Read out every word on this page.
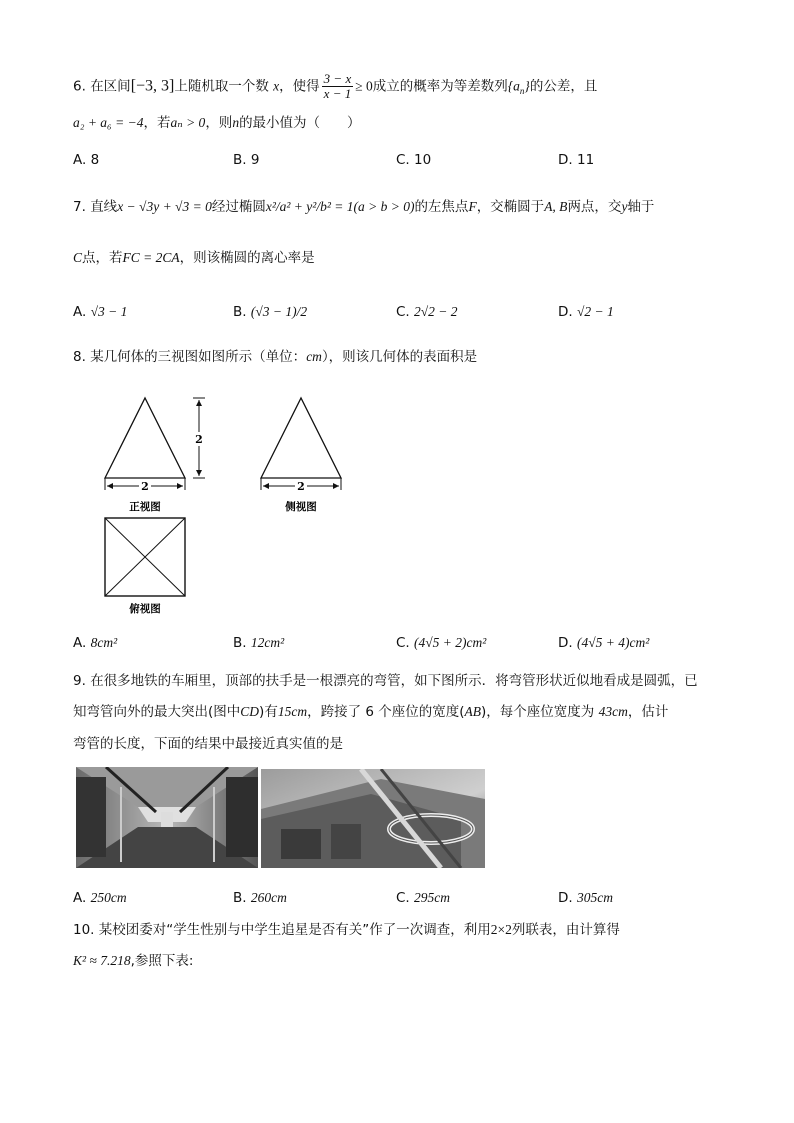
6. 在区间[−3, 3]上随机取一个数 x，使得 $\frac{3 - x}{x - 1} \ge 0$成立的概率为等差数列$\{a_n\}$的公差，且
a₂ + a₆ = −4，若aₙ > 0，则n的最小值为（　　）
A. 8	B. 9	C. 10	D. 11
7. 直线x − √3y + √3 = 0经过椭圆x²/a² + y²/b² = 1(a > b > 0)的左焦点F，交椭圆于A, B两点，交y轴于
C点，若FC = 2CA，则该椭圆的离心率是
A. √3 − 1	B. (√3 − 1)/2	C. 2√2 − 2	D. √2 − 1
8. 某几何体的三视图如图所示（单位：cm），则该几何体的表面积是
2
2
正视图
2
侧视图
俯视图
A. 8cm²	B. 12cm²	C. (4√5 + 2)cm²	D. (4√5 + 4)cm²
9. 在很多地铁的车厢里，顶部的扶手是一根漂亮的弯管，如下图所示．将弯管形状近似地看成是圆弧，已
知弯管向外的最大突出(图中CD)有15cm，跨接了 6 个座位的宽度(AB)，每个座位宽度为 43cm，估计
弯管的长度，下面的结果中最接近真实值的是
A. 250cm	B. 260cm	C. 295cm	D. 305cm
10. 某校团委对“学生性别与中学生追星是否有关”作了一次调查，利用2×2列联表，由计算得
K² ≈ 7.218,参照下表:
